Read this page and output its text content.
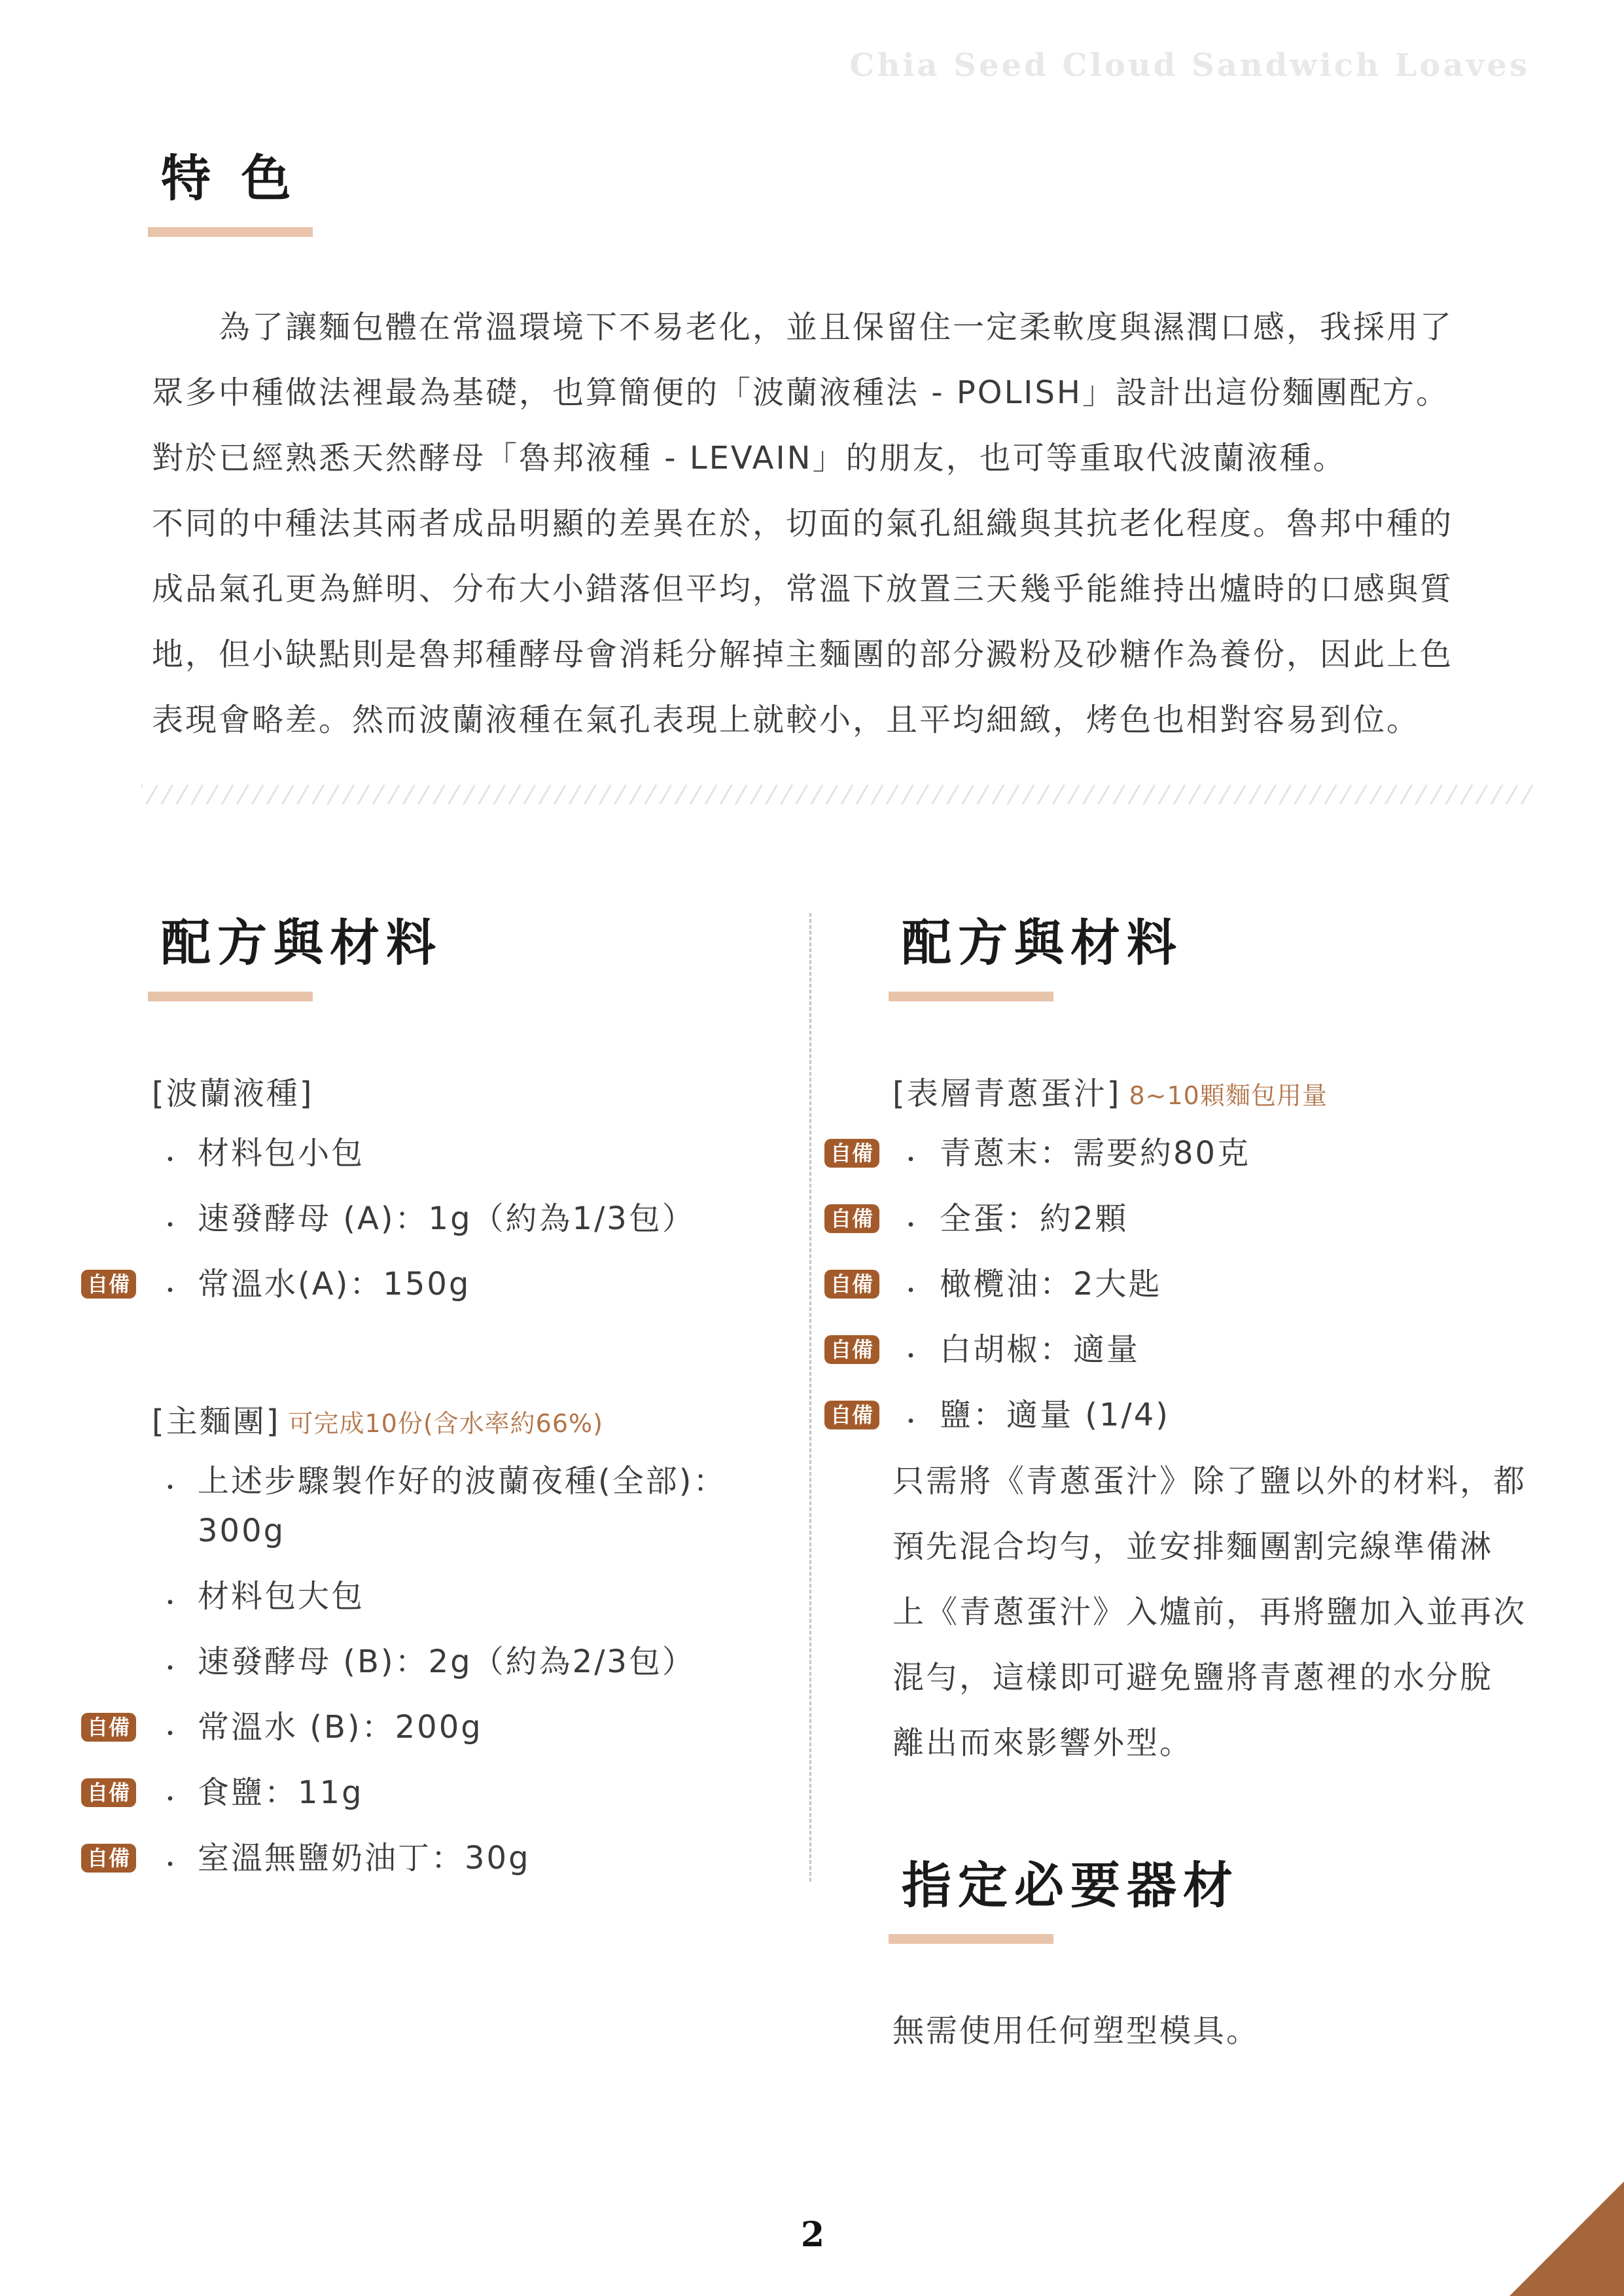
Chia Seed Cloud Sandwich Loaves
特 色
　　為了讓麵包體在常溫環境下不易老化，並且保留住一定柔軟度與濕潤口感，我採用了
眾多中種做法裡最為基礎，也算簡便的「波蘭液種法 - POLISH」設計出這份麵團配方。
對於已經熟悉天然酵母「魯邦液種 - LEVAIN」的朋友，也可等重取代波蘭液種。
不同的中種法其兩者成品明顯的差異在於，切面的氣孔組織與其抗老化程度。魯邦中種的
成品氣孔更為鮮明、分布大小錯落但平均，常溫下放置三天幾乎能維持出爐時的口感與質
地，但小缺點則是魯邦種酵母會消耗分解掉主麵團的部分澱粉及砂糖作為養份，因此上色
表現會略差。然而波蘭液種在氣孔表現上就較小，且平均細緻，烤色也相對容易到位。
配方與材料
[波蘭液種]
・ 材料包小包
・ 速發酵母 (A)：1g（約為1/3包）
自備 ・ 常溫水(A)：150g
[主麵團] 可完成10份(含水率約66%)
・ 上述步驟製作好的波蘭夜種(全部)：
300g
・ 材料包大包
・ 速發酵母 (B)：2g（約為2/3包）
自備 ・ 常溫水 (B)：200g
自備 ・ 食鹽：11g
自備 ・ 室溫無鹽奶油丁：30g
配方與材料
[表層青蔥蛋汁] 8~10顆麵包用量
自備 ・ 青蔥末：需要約80克
自備 ・ 全蛋：約2顆
自備 ・ 橄欖油：2大匙
自備 ・ 白胡椒：適量
自備 ・ 鹽：適量 (1/4)
只需將《青蔥蛋汁》除了鹽以外的材料，都
預先混合均勻，並安排麵團割完線準備淋
上《青蔥蛋汁》入爐前，再將鹽加入並再次
混勻，這樣即可避免鹽將青蔥裡的水分脫
離出而來影響外型。
指定必要器材
無需使用任何塑型模具。
2
